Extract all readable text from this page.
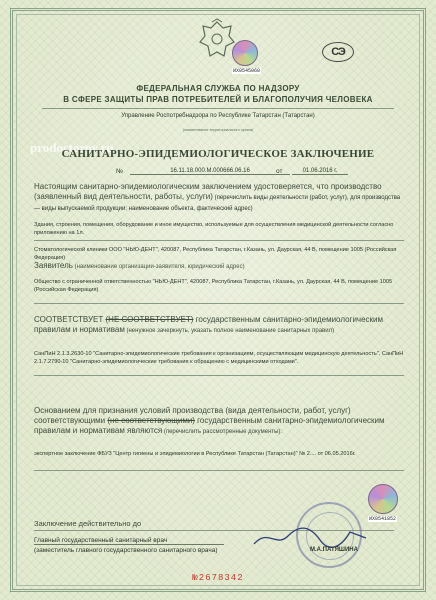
ИХ0545060
СЭ
ФЕДЕРАЛЬНАЯ СЛУЖБА ПО НАДЗОРУ
В СФЕРЕ ЗАЩИТЫ ПРАВ ПОТРЕБИТЕЛЕЙ И БЛАГОПОЛУЧИЯ ЧЕЛОВЕКА
Управление Роспотребнадзора по Республике Татарстан (Татарстан)
(наименование территориального органа)
prodoctorov.ru
САНИТАРНО-ЭПИДЕМИОЛОГИЧЕСКОЕ ЗАКЛЮЧЕНИЕ
№	16.11.18.000.М.000666.06.16	от	01.06.2016 г.
Настоящим санитарно-эпидемиологическим заключением удостоверяется, что производство (заявленный вид деятельности, работы, услуги) (перечислить виды деятельности (работ, услуг), для производства — виды выпускаемой продукции; наименование объекта, фактический адрес)
Здания, строения, помещения, оборудование и иное имущество, используемые для осуществления медицинской деятельности согласно приложению на 1л.
Стоматологической клиники ООО "НЬЮ-ДЕНТ", 420087, Республика Татарстан, г.Казань, ул. Даурская, 44 В, помещение 1005 (Российская Федерация)
Заявитель (наименование организации-заявителя, юридический адрес)
Общество с ограниченной ответственностью "НЬЮ-ДЕНТ", 420087, Республика Татарстан, г.Казань, ул. Даурская, 44 В, помещение 1005 (Российская Федерация)
СООТВЕТСТВУЕТ (НЕ СООТВЕТСТВУЕТ) государственным санитарно-эпидемиологическим правилам и нормативам (ненужное зачеркнуть, указать полное наименование санитарных правил)
СанПиН 2.1.3.2630-10 "Санитарно-эпидемиологические требования к организациям, осуществляющим медицинскую деятельность", СанПиН 2.1.7.2790-10 "Санитарно-эпидемиологические требования к обращению с медицинскими отходами".
Основанием для признания условий производства (вида деятельности, работ, услуг) соответствующими (не соответствующими) государственным санитарно-эпидемиологическим правилам и нормативам являются (перечислить рассмотренные документы):
экспертное заключение ФБУЗ "Центр гигиены и эпидемиологии в Республике Татарстан (Татарстан)" № 2.... от 06.05.2016г.
ИХ0541852
Заключение действительно до
Главный государственный санитарный врач
(заместитель главного государственного санитарного врача)	М.А.ПАТЯШИНА
№2678342
